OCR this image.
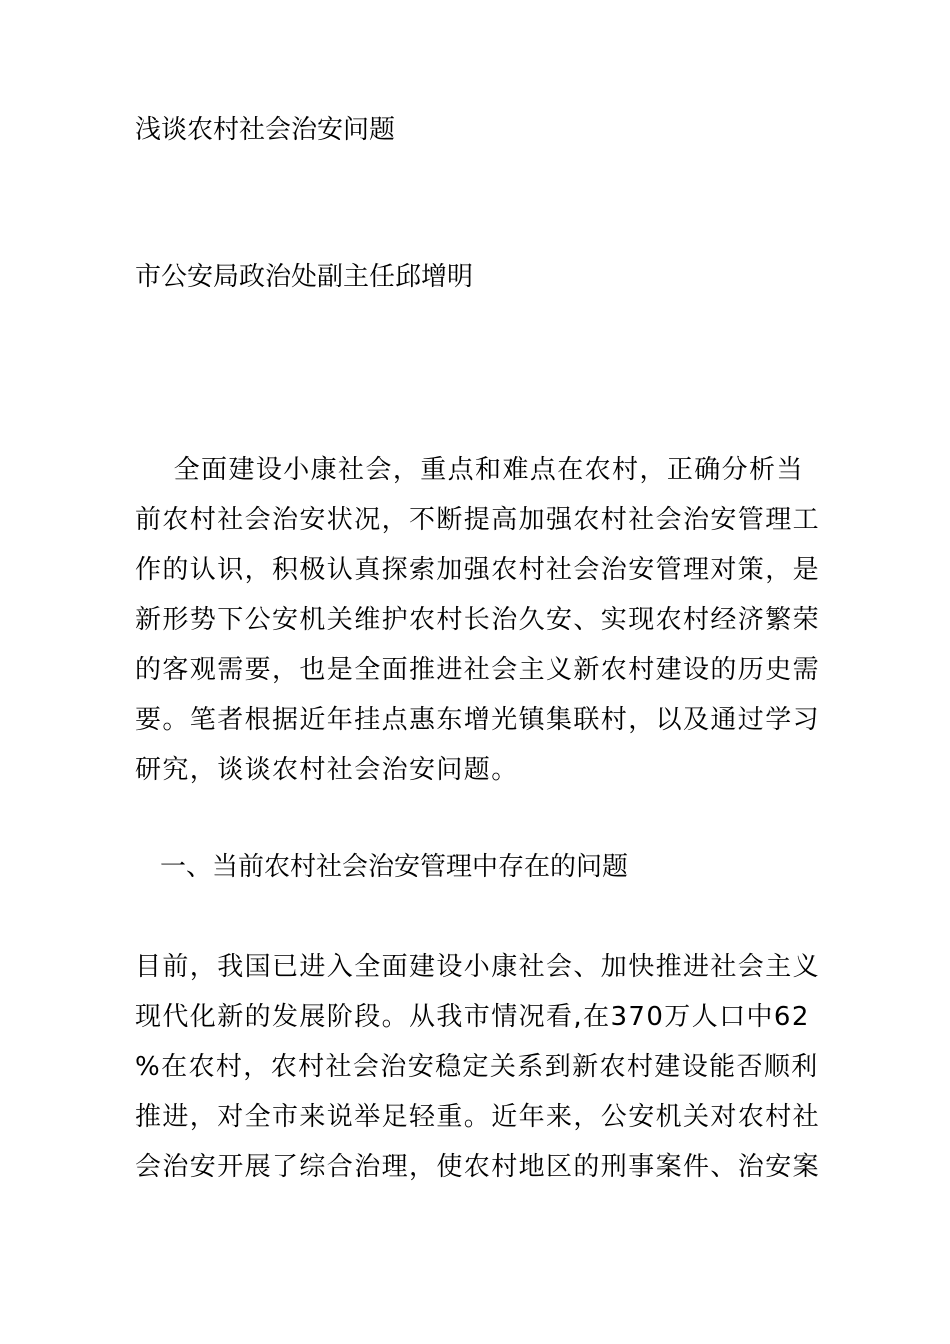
浅谈农村社会治安问题
市公安局政治处副主任邱增明
全面建设小康社会，重点和难点在农村，正确分析当
前农村社会治安状况，不断提高加强农村社会治安管理工
作的认识，积极认真探索加强农村社会治安管理对策，是
新形势下公安机关维护农村长治久安、实现农村经济繁荣
的客观需要，也是全面推进社会主义新农村建设的历史需
要。笔者根据近年挂点惠东增光镇集联村，以及通过学习
研究，谈谈农村社会治安问题。
一、当前农村社会治安管理中存在的问题
目前，我国已进入全面建设小康社会、加快推进社会主义
现代化新的发展阶段。从我市情况看,在370万人口中62
%在农村，农村社会治安稳定关系到新农村建设能否顺利
推进，对全市来说举足轻重。近年来，公安机关对农村社
会治安开展了综合治理，使农村地区的刑事案件、治安案
